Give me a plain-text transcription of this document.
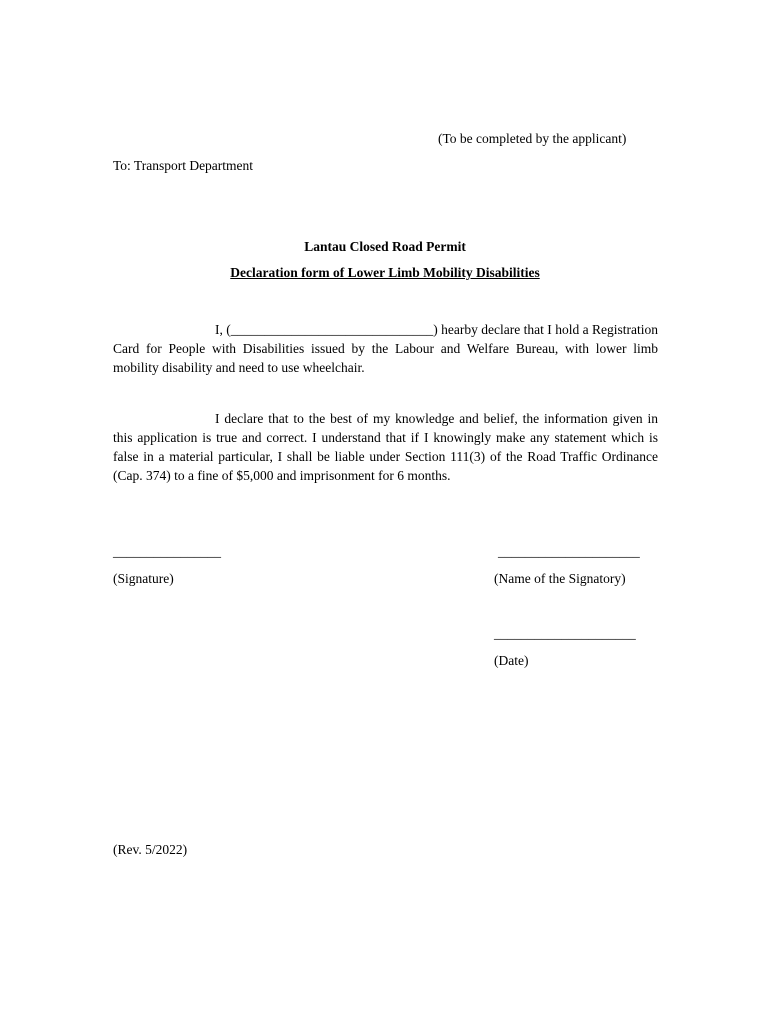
(To be completed by the applicant)
To: Transport Department
Lantau Closed Road Permit
Declaration form of Lower Limb Mobility Disabilities
I, (______________________________) hearby declare that I hold a Registration Card for People with Disabilities issued by the Labour and Welfare Bureau, with lower limb mobility disability and need to use wheelchair.
I declare that to the best of my knowledge and belief, the information given in this application is true and correct. I understand that if I knowingly make any statement which is false in a material particular, I shall be liable under Section 111(3) of the Road Traffic Ordinance (Cap. 374) to a fine of $5,000 and imprisonment for 6 months.
________________
(Signature)
_____________________
(Name of the Signatory)
_____________________
(Date)
(Rev. 5/2022)
